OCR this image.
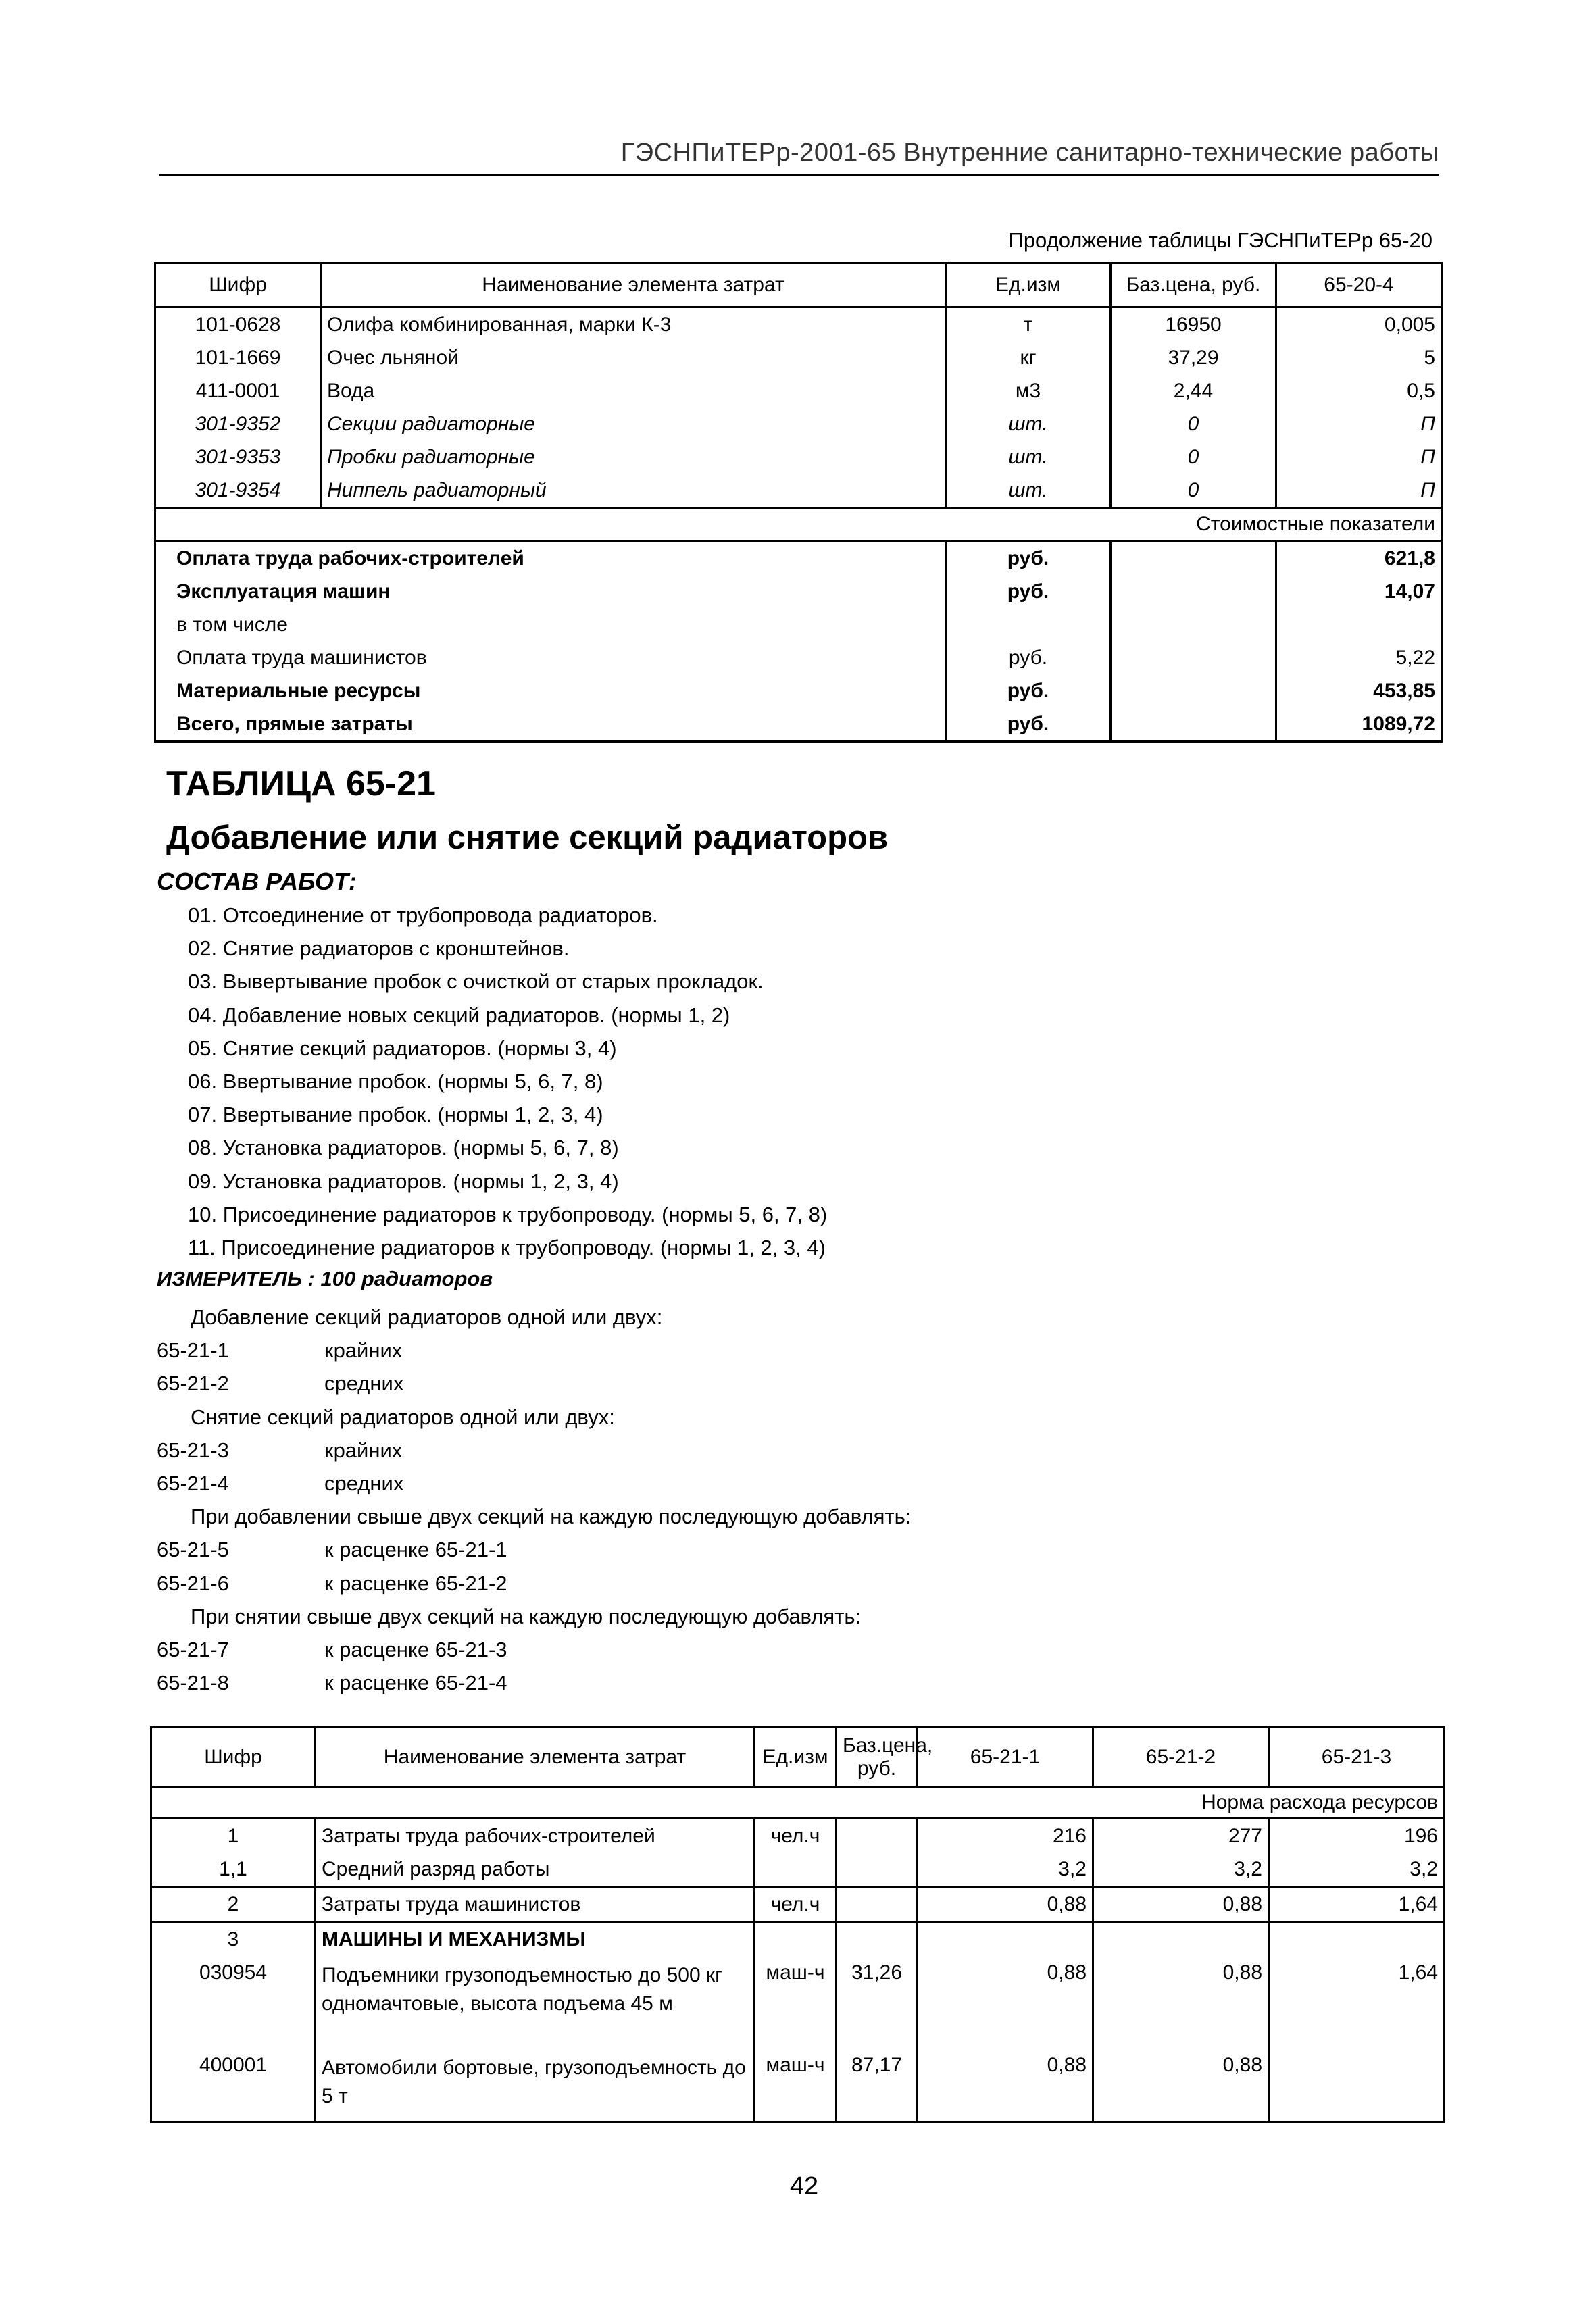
ГЭСНПиТЕРр-2001-65 Внутренние санитарно-технические работы
Продолжение таблицы ГЭСНПиТЕРр 65-20
Шифр	Наименование элемента затрат	Ед.изм	Баз.цена, руб.	65-20-4
101-0628	Олифа комбинированная, марки К-3	т	16950	0,005
101-1669	Очес льняной	кг	37,29	5
411-0001	Вода	м3	2,44	0,5
301-9352	Секции радиаторные	шт.	0	П
301-9353	Пробки радиаторные	шт.	0	П
301-9354	Ниппель радиаторный	шт.	0	П
Стоимостные показатели				
Оплата труда рабочих-строителей		руб.		621,8
Эксплуатация машин		руб.		14,07
в том числе				
Оплата труда машинистов		руб.		5,22
Материальные ресурсы		руб.		453,85
Всего, прямые затраты		руб.		1089,72
ТАБЛИЦА 65-21
Добавление или снятие секций радиаторов
СОСТАВ РАБОТ:
01. Отсоединение от трубопровода радиаторов.
02. Снятие радиаторов с кронштейнов.
03. Вывертывание пробок с очисткой от старых прокладок.
04. Добавление новых секций радиаторов. (нормы 1, 2)
05. Снятие секций радиаторов. (нормы 3, 4)
06. Ввертывание пробок. (нормы 5, 6, 7, 8)
07. Ввертывание пробок. (нормы 1, 2, 3, 4)
08. Установка радиаторов. (нормы 5, 6, 7, 8)
09. Установка радиаторов. (нормы 1, 2, 3, 4)
10. Присоединение радиаторов к трубопроводу. (нормы 5, 6, 7, 8)
11. Присоединение радиаторов к трубопроводу. (нормы 1, 2, 3, 4)
ИЗМЕРИТЕЛЬ : 100 радиаторов
Добавление секций радиаторов одной или двух:
65-21-1	крайних
65-21-2	средних
Снятие секций радиаторов одной или двух:
65-21-3	крайних
65-21-4	средних
При добавлении свыше двух секций на каждую последующую добавлять:
65-21-5	к расценке 65-21-1
65-21-6	к расценке 65-21-2
При снятии свыше двух секций на каждую последующую добавлять:
65-21-7	к расценке 65-21-3
65-21-8	к расценке 65-21-4
Шифр	Наименование элемента затрат	Ед.изм	Баз.цена, руб.	65-21-1	65-21-2	65-21-3
Норма расхода ресурсов						
1	Затраты труда рабочих-строителей	чел.ч		216	277	196
1,1	Средний разряд работы			3,2	3,2	3,2
2	Затраты труда машинистов	чел.ч		0,88	0,88	1,64
3	МАШИНЫ И МЕХАНИЗМЫ					
030954	Подъемники грузоподъемностью до 500 кг одномачтовые, высота подъема 45 м	маш-ч	31,26	0,88	0,88	1,64
400001	Автомобили бортовые, грузоподъемность до 5 т	маш-ч	87,17	0,88	0,88	
42
